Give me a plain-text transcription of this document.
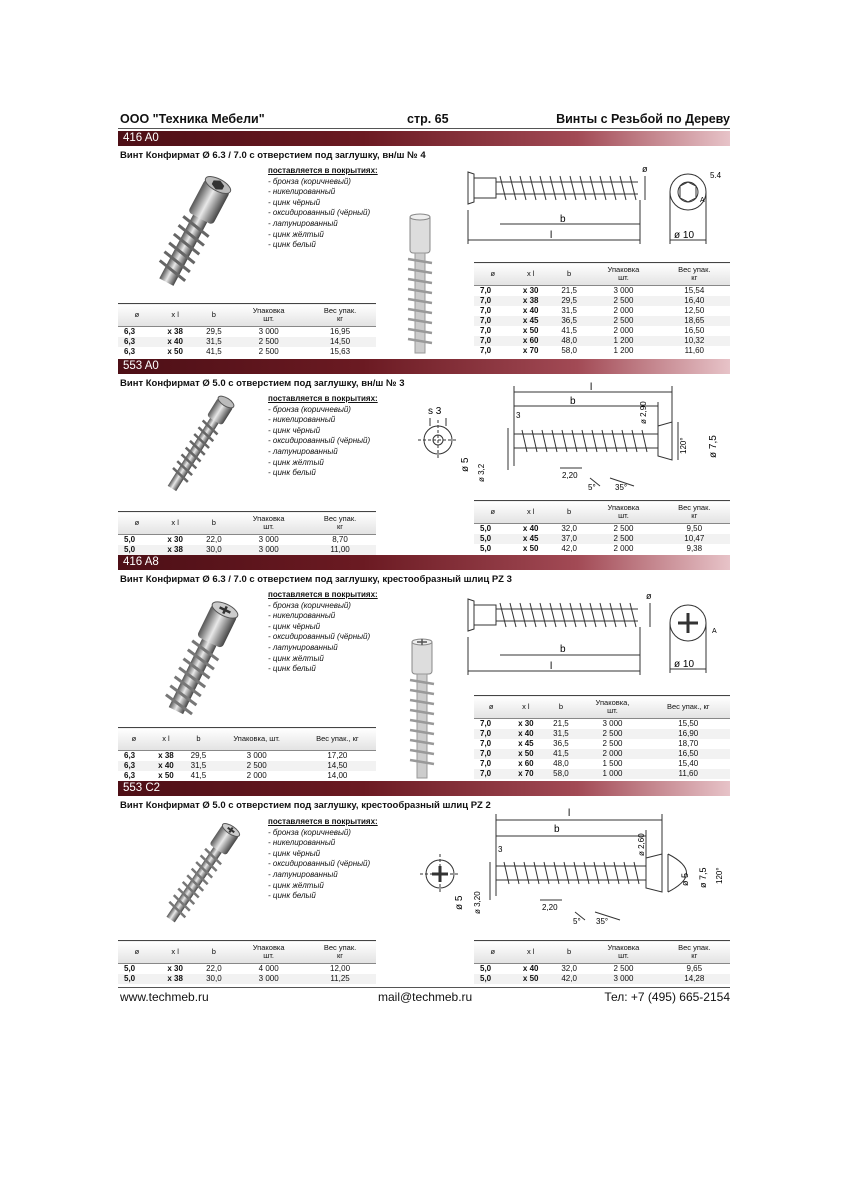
ООО "Техника Мебели"	стр. 65	Винты с Резьбой по Дереву
416 A0
Винт Конфирмат Ø 6.3 / 7.0 с отверстием под заглушку, вн/ш № 4
поставляется в покрытиях:
- бронза (коричневый)
- никелированный
- цинк чёрный
- оксидированный (чёрный)
- латунированный
- цинк жёлтый
- цинк белый
ø
b
l	ø 10
5.4
A
ø	x l	b	Упаковка
шт.	Вес упак.
кг
7,0	x 30	21,5	3 000	15,54
7,0	x 38	29,5	2 500	16,40
7,0	x 40	31,5	2 000	12,50
7,0	x 45	36,5	2 500	18,65
7,0	x 50	41,5	2 000	16,50
7,0	x 60	48,0	1 200	10,32
7,0	x 70	58,0	1 200	11,60
ø	x l	b	Упаковка
шт.	Вес упак.
кг
6,3	x 38	29,5	3 000	16,95
6,3	x 40	31,5	2 500	14,50
6,3	x 50	41,5	2 500	15,63
553 A0
Винт Конфирмат Ø 5.0 с отверстием под заглушку, вн/ш № 3
поставляется в покрытиях:
- бронза (коричневый)
- никелированный
- цинк чёрный
- оксидированный (чёрный)
- латунированный
- цинк жёлтый
- цинк белый
s 3
ø 5 ø 3,2
l
b
3	ø 2,90
120° ø 7,5
2,20
5° 35°
ø	x l	b	Упаковка
шт.	Вес упак.
кг
5,0	x 40	32,0	2 500	9,50
5,0	x 45	37,0	2 500	10,47
5,0	x 50	42,0	2 000	9,38
ø	x l	b	Упаковка
шт.	Вес упак.
кг
5,0	x 30	22,0	3 000	8,70
5,0	x 38	30,0	3 000	11,00
416 A8
Винт Конфирмат Ø 6.3 / 7.0 с отверстием под заглушку, крестообразный шлиц PZ 3
поставляется в покрытиях:
- бронза (коричневый)
- никелированный
- цинк чёрный
- оксидированный (чёрный)
- латунированный
- цинк жёлтый
- цинк белый
ø
b
l	ø 10
A
ø	x l	b	Упаковка,
шт.	Вес упак., кг
7,0	x 30	21,5	3 000	15,50
7,0	x 40	31,5	2 500	16,90
7,0	x 45	36,5	2 500	18,70
7,0	x 50	41,5	2 000	16,50
7,0	x 60	48,0	1 500	15,40
7,0	x 70	58,0	1 000	11,60
ø	x l	b	Упаковка, шт.	Вес упак., кг
6,3	x 38	29,5	3 000	17,20
6,3	x 40	31,5	2 500	14,50
6,3	x 50	41,5	2 000	14,00
553 C2
Винт Конфирмат Ø 5.0 с отверстием под заглушку, крестообразный шлиц PZ 2
поставляется в покрытиях:
- бронза (коричневый)
- никелированный
- цинк чёрный
- оксидированный (чёрный)
- латунированный
- цинк жёлтый
- цинк белый	ø 5 ø 3,20
l
b
3	ø 2,60
ø 5 ø 7,5 120°
2,20
5° 35°
ø	x l	b	Упаковка
шт.	Вес упак.
кг
5,0	x 30	22,0	4 000	12,00
5,0	x 38	30,0	3 000	11,25
ø	x l	b	Упаковка
шт.	Вес упак.
кг
5,0	x 40	32,0	2 500	9,65
5,0	x 50	42,0	3 000	14,28
www.techmeb.ru	mail@techmeb.ru	Тел: +7 (495) 665-2154
